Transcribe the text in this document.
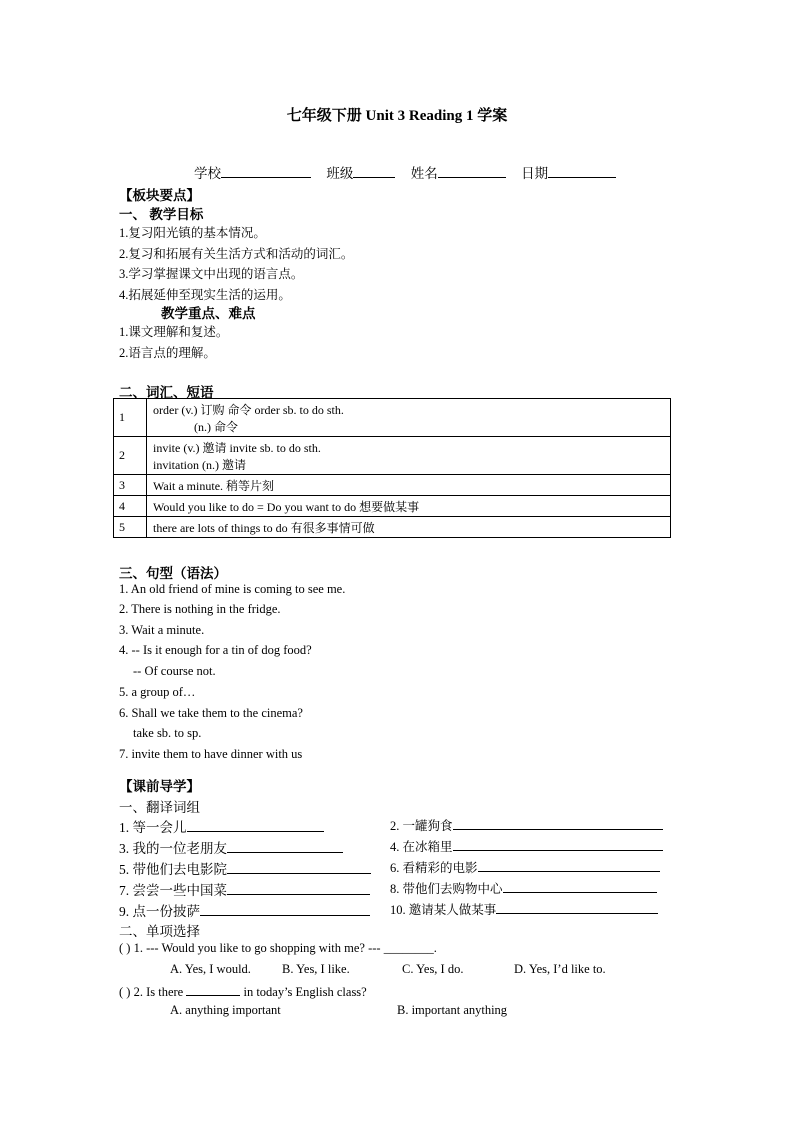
七年级下册 Unit 3 Reading 1 学案
学校	班级	姓名	日期
【板块要点】
一、 教学目标
1.复习阳光镇的基本情况。
2.复习和拓展有关生活方式和活动的词汇。
3.学习掌握课文中出现的语言点。
4.拓展延伸至现实生活的运用。
教学重点、难点
1.课文理解和复述。
2.语言点的理解。
二、词汇、短语
1	order (v.) 订购 命令 order sb. to do sth.
(n.) 命令

2	invite (v.) 邀请 invite sb. to do sth.
invitation (n.) 邀请

3	Wait a minute. 稍等片刻
4	Would you like to do = Do you want to do 想要做某事
5	there are lots of things to do 有很多事情可做
三、句型（语法）
1. An old friend of mine is coming to see me.
2. There is nothing in the fridge.
3. Wait a minute.
4. -- Is it enough for a tin of dog food?
-- Of course not.
5. a group of…
6. Shall we take them to the cinema?
take sb. to sp.
7. invite them to have dinner with us
【课前导学】
一、翻译词组
1. 等一会儿	2. 一罐狗食
3. 我的一位老朋友	4. 在冰箱里
5. 带他们去电影院	6. 看精彩的电影
7. 尝尝一些中国菜	8. 带他们去购物中心
9. 点一份披萨	10. 邀请某人做某事
二、单项选择
( ) 1. --- Would you like to go shopping with me? --- ________.
A. Yes, I would. B. Yes, I like.	C. Yes, I do.	D. Yes, I’d like to.
( ) 2. Is there	in today’s English class?
A. anything important	B. important anything
